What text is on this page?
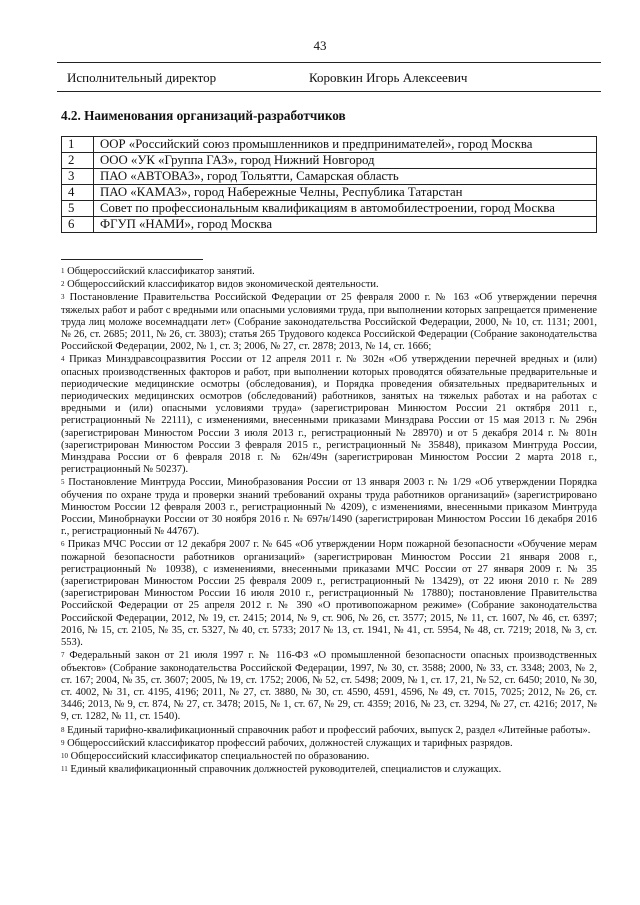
43
Исполнительный директор	Коровкин Игорь Алексеевич
4.2. Наименования организаций-разработчиков
1	ООР «Российский союз промышленников и предпринимателей», город Москва
2	ООО «УК «Группа ГАЗ», город Нижний Новгород
3	ПАО «АВТОВАЗ», город Тольятти, Самарская область
4	ПАО «КАМАЗ», город Набережные Челны, Республика Татарстан
5	Совет по профессиональным квалификациям в автомобилестроении, город Москва
6	ФГУП «НАМИ», город Москва
$^1$ Общероссийский классификатор занятий.
$^2$ Общероссийский классификатор видов экономической деятельности.
$^3$ Постановление Правительства Российской Федерации от 25 февраля 2000 г. № 163 «Об утверждении перечня тяжелых работ и работ с вредными или опасными условиями труда, при выполнении которых запрещается применение труда лиц моложе восемнадцати лет» (Собрание законодательства Российской Федерации, 2000, № 10, ст. 1131; 2001, № 26, ст. 2685; 2011, № 26, ст. 3803); статья 265 Трудового кодекса Российской Федерации (Собрание законодательства Российской Федерации, 2002, № 1, ст. 3; 2006, № 27, ст. 2878; 2013, № 14, ст. 1666;
$^4$ Приказ Минздравсоцразвития России от 12 апреля 2011 г. № 302н «Об утверждении перечней вредных и (или) опасных производственных факторов и работ, при выполнении которых проводятся обязательные предварительные и периодические медицинские осмотры (обследования), и Порядка проведения обязательных предварительных и периодических медицинских осмотров (обследований) работников, занятых на тяжелых работах и на работах с вредными и (или) опасными условиями труда» (зарегистрирован Минюстом России 21 октября 2011 г., регистрационный № 22111), с изменениями, внесенными приказами Минздрава России от 15 мая 2013 г. № 296н (зарегистрирован Минюстом России 3 июля 2013 г., регистрационный № 28970) и от 5 декабря 2014 г. № 801н (зарегистрирован Минюстом России 3 февраля 2015 г., регистрационный № 35848), приказом Минтруда России, Минздрава России от 6 февраля 2018 г. № 62н/49н (зарегистрирован Минюстом России 2 марта 2018 г., регистрационный № 50237).
$^5$ Постановление Минтруда России, Минобразования России от 13 января 2003 г. № 1/29 «Об утверждении Порядка обучения по охране труда и проверки знаний требований охраны труда работников организаций» (зарегистрировано Минюстом России 12 февраля 2003 г., регистрационный № 4209), с изменениями, внесенными приказом Минтруда России, Минобрнауки России от 30 ноября 2016 г. № 697н/1490 (зарегистрирован Минюстом России 16 декабря 2016 г., регистрационный № 44767).
$^6$ Приказ МЧС России от 12 декабря 2007 г. № 645 «Об утверждении Норм пожарной безопасности «Обучение мерам пожарной безопасности работников организаций» (зарегистрирован Минюстом России 21 января 2008 г., регистрационный № 10938), с изменениями, внесенными приказами МЧС России от 27 января 2009 г. № 35 (зарегистрирован Минюстом России 25 февраля 2009 г., регистрационный № 13429), от 22 июня 2010 г. № 289 (зарегистрирован Минюстом России 16 июля 2010 г., регистрационный № 17880); постановление Правительства Российской Федерации от 25 апреля 2012 г. № 390 «О противопожарном режиме» (Собрание законодательства Российской Федерации, 2012, № 19, ст. 2415; 2014, № 9, ст. 906, № 26, ст. 3577; 2015, № 11, ст. 1607, № 46, ст. 6397; 2016, № 15, ст. 2105, № 35, ст. 5327, № 40, ст. 5733; 2017 № 13, ст. 1941, № 41, ст. 5954, № 48, ст. 7219; 2018, № 3, ст. 553).
$^7$ Федеральный закон от 21 июля 1997 г. № 116-ФЗ «О промышленной безопасности опасных производственных объектов» (Собрание законодательства Российской Федерации, 1997, № 30, ст. 3588; 2000, № 33, ст. 3348; 2003, № 2, ст. 167; 2004, № 35, ст. 3607; 2005, № 19, ст. 1752; 2006, № 52, ст. 5498; 2009, № 1, ст. 17, 21, № 52, ст. 6450; 2010, № 30, ст. 4002, № 31, ст. 4195, 4196; 2011, № 27, ст. 3880, № 30, ст. 4590, 4591, 4596, № 49, ст. 7015, 7025; 2012, № 26, ст. 3446; 2013, № 9, ст. 874, № 27, ст. 3478; 2015, № 1, ст. 67, № 29, ст. 4359; 2016, № 23, ст. 3294, № 27, ст. 4216; 2017, № 9, ст. 1282, № 11, ст. 1540).
$^8$ Единый тарифно-квалификационный справочник работ и профессий рабочих, выпуск 2, раздел «Литейные работы».
$^9$ Общероссийский классификатор профессий рабочих, должностей служащих и тарифных разрядов.
$^{10}$ Общероссийский классификатор специальностей по образованию.
$^{11}$ Единый квалификационный справочник должностей руководителей, специалистов и служащих.
